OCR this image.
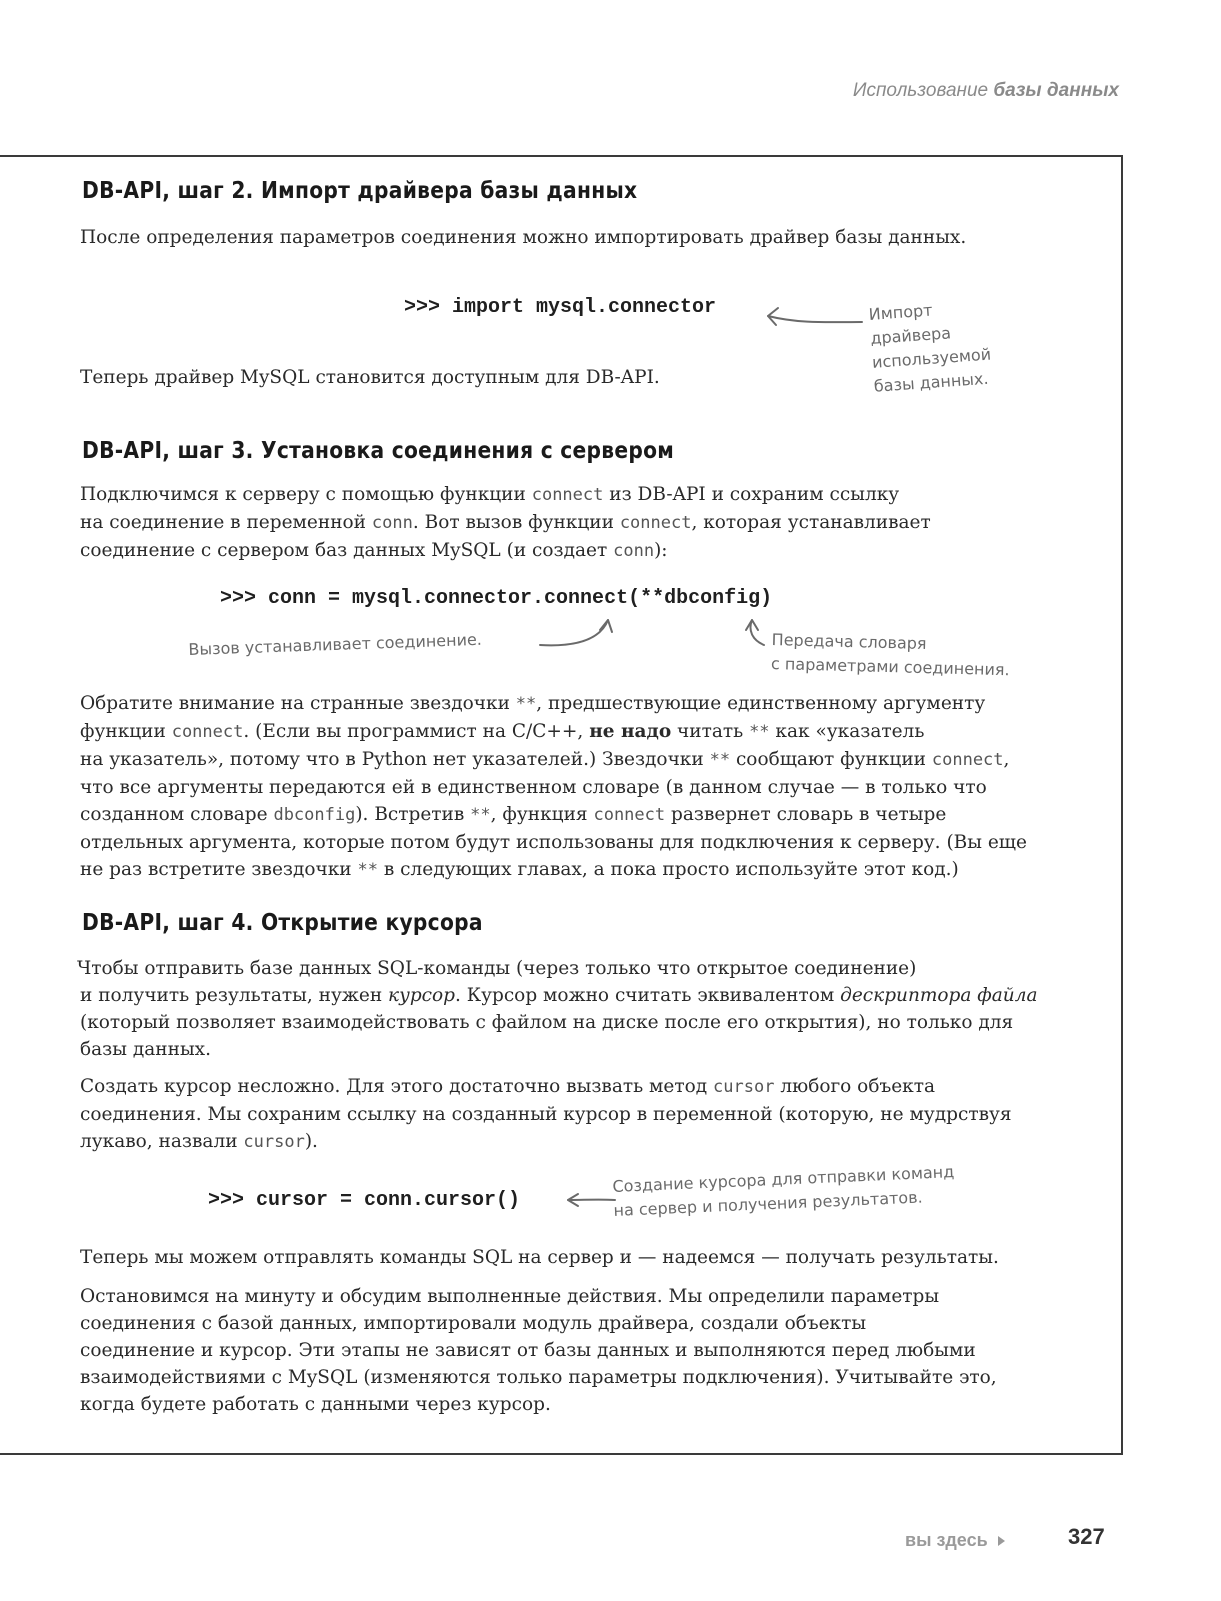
Использование базы данных
DB-API, шаг 2. Импорт драйвера базы данных
После определения параметров соединения можно импортировать драйвер базы данных.
>>> import mysql.connector	Импорт
драйвера
используемой
базы данных.
Теперь драйвер MySQL становится доступным для DB-API.
DB-API, шаг 3. Установка соединения с сервером
Подключимся к серверу с помощью функции connect из DB-API и сохраним ссылку
на соединение в переменной conn. Вот вызов функции connect, которая устанавливает
соединение с сервером баз данных MySQL (и создает conn):
>>> conn = mysql.connector.connect(**dbconfig)
Вызов устанавливает соединение.	Передача словаря
с параметрами соединения.
Обратите внимание на странные звездочки **, предшествующие единственному аргументу
функции connect. (Если вы программист на C/C++, не надо читать ** как «указатель
на указатель», потому что в Python нет указателей.) Звездочки ** сообщают функции connect,
что все аргументы передаются ей в единственном словаре (в данном случае — в только что
созданном словаре dbconfig). Встретив **, функция connect развернет словарь в четыре
отдельных аргумента, которые потом будут использованы для подключения к серверу. (Вы еще
не раз встретите звездочки ** в следующих главах, а пока просто используйте этот код.)
DB-API, шаг 4. Открытие курсора
Чтобы отправить базе данных SQL-команды (через только что открытое соединение)
и получить результаты, нужен курсор. Курсор можно считать эквивалентом дескриптора файла
(который позволяет взаимодействовать с файлом на диске после его открытия), но только для
базы данных.
Создать курсор несложно. Для этого достаточно вызвать метод cursor любого объекта
соединения. Мы сохраним ссылку на созданный курсор в переменной (которую, не мудрствуя
лукаво, назвали cursor).
>>> cursor = conn.cursor()
Создание курсора для отправки команд
на сервер и получения результатов.
Теперь мы можем отправлять команды SQL на сервер и — надеемся — получать результаты.
Остановимся на минуту и обсудим выполненные действия. Мы определили параметры
соединения с базой данных, импортировали модуль драйвера, создали объекты
соединение и курсор. Эти этапы не зависят от базы данных и выполняются перед любыми
взаимодействиями с MySQL (изменяются только параметры подключения). Учитывайте это,
когда будете работать с данными через курсор.
вы здесь	327
